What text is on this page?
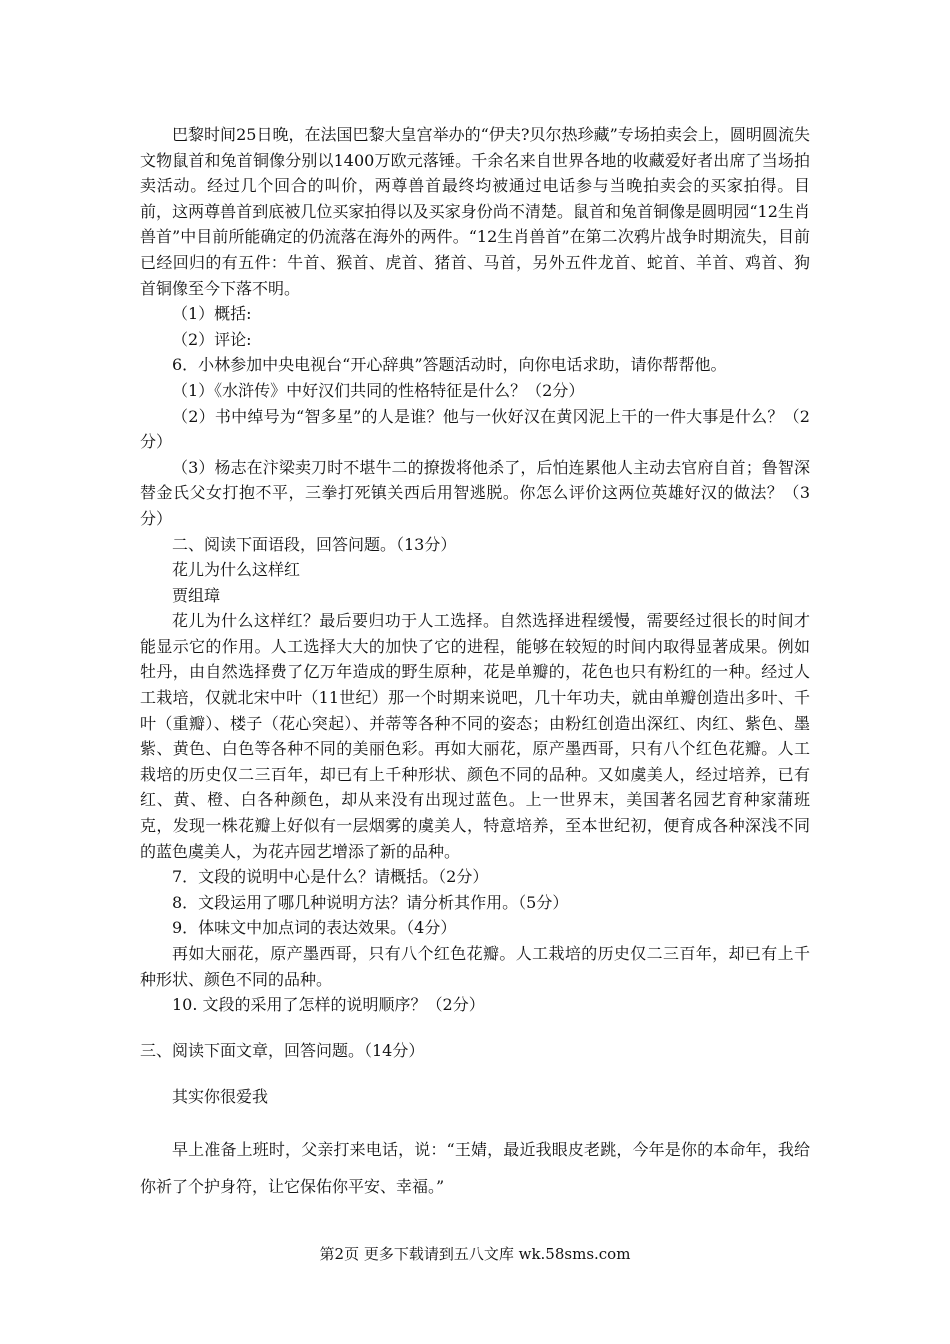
巴黎时间25日晚，在法国巴黎大皇宫举办的“伊夫?贝尔热珍藏”专场拍卖会上，圆明圆流失文物鼠首和兔首铜像分别以1400万欧元落锤。千余名来自世界各地的收藏爱好者出席了当场拍卖活动。经过几个回合的叫价，两尊兽首最终均被通过电话参与当晚拍卖会的买家拍得。目前，这两尊兽首到底被几位买家拍得以及买家身份尚不清楚。鼠首和兔首铜像是圆明园“12生肖兽首”中目前所能确定的仍流落在海外的两件。“12生肖兽首”在第二次鸦片战争时期流失，目前已经回归的有五件：牛首、猴首、虎首、猪首、马首，另外五件龙首、蛇首、羊首、鸡首、狗首铜像至今下落不明。

（1）概括:

（2）评论:

6．小林参加中央电视台“开心辞典”答题活动时，向你电话求助，请你帮帮他。

（1）《水浒传》中好汉们共同的性格特征是什么？（2分）

（2）书中绰号为“智多星”的人是谁？他与一伙好汉在黄冈泥上干的一件大事是什么？（2分）

（3）杨志在汴梁卖刀时不堪牛二的撩拨将他杀了，后怕连累他人主动去官府自首；鲁智深替金氏父女打抱不平，三拳打死镇关西后用智逃脱。你怎么评价这两位英雄好汉的做法？（3分）

二、阅读下面语段，回答问题。（13分）

花儿为什么这样红

贾组璋

花儿为什么这样红？最后要归功于人工选择。自然选择进程缓慢，需要经过很长的时间才能显示它的作用。人工选择大大的加快了它的进程，能够在较短的时间内取得显著成果。例如牡丹，由自然选择费了亿万年造成的野生原种，花是单瓣的，花色也只有粉红的一种。经过人工栽培，仅就北宋中叶（11世纪）那一个时期来说吧，几十年功夫，就由单瓣创造出多叶、千叶（重瓣）、楼子（花心突起）、并蒂等各种不同的姿态；由粉红创造出深红、肉红、紫色、墨紫、黄色、白色等各种不同的美丽色彩。再如大丽花，原产墨西哥，只有八个红色花瓣。人工栽培的历史仅二三百年，却已有上千种形状、颜色不同的品种。又如虞美人，经过培养，已有红、黄、橙、白各种颜色，却从来没有出现过蓝色。上一世界末，美国著名园艺育种家蒲班克，发现一株花瓣上好似有一层烟雾的虞美人，特意培养，至本世纪初，便育成各种深浅不同的蓝色虞美人，为花卉园艺增添了新的品种。

7．文段的说明中心是什么？请概括。（2分）

8．文段运用了哪几种说明方法？请分析其作用。（5分）

9．体味文中加点词的表达效果。（4分）

再如大丽花，原产墨西哥，只有八个红色花瓣。人工栽培的历史仅二三百年，却已有上千种形状、颜色不同的品种。

10. 文段的采用了怎样的说明顺序？（2分）

三、阅读下面文章，回答问题。（14分）

其实你很爱我

早上准备上班时，父亲打来电话，说：“王婧，最近我眼皮老跳，今年是你的本命年，我给你祈了个护身符，让它保佑你平安、幸福。”

第2页 更多下载请到五八文库 wk.58sms.com
